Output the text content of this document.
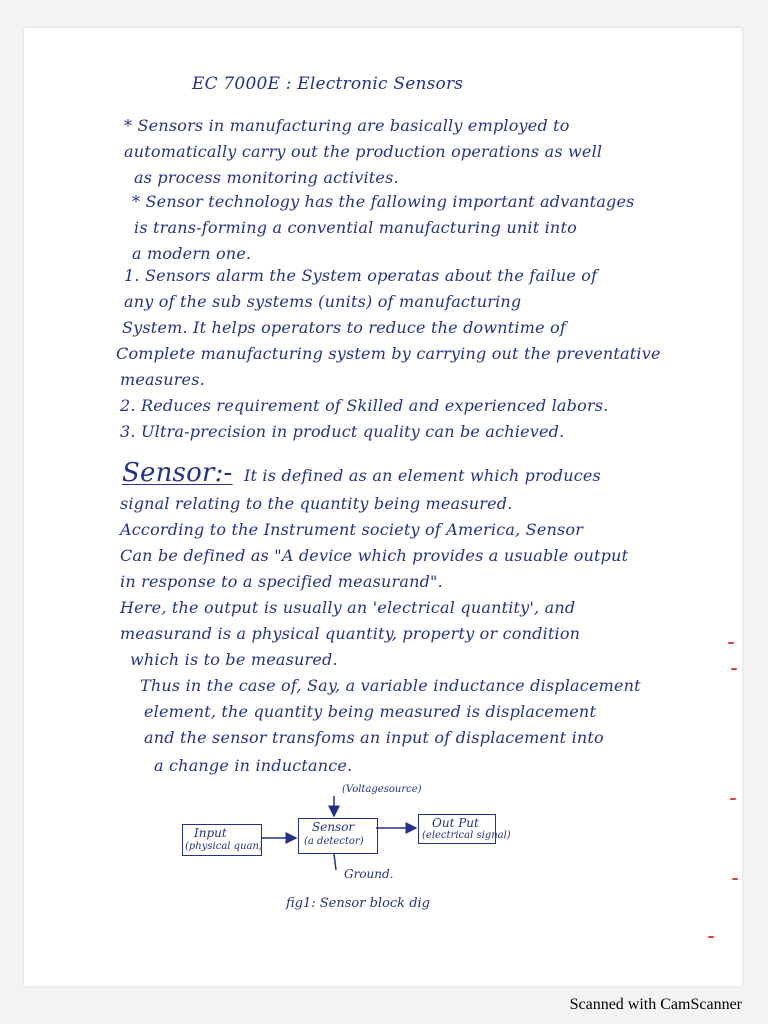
EC 7000E : Electronic Sensors
* Sensors in manufacturing are basically employed to
automatically carry out the production operations as well
as process monitoring activites.
* Sensor technology has the fallowing important advantages
is trans-forming a convential manufacturing unit into
a modern one.
1. Sensors alarm the System operatas about the failue of
any of the sub systems (units) of manufacturing
System. It helps operators to reduce the downtime of
Complete manufacturing system by carrying out the preventative
measures.
2. Reduces requirement of Skilled and experienced labors.
3. Ultra-precision in product quality can be achieved.
Sensor:- It is defined as an element which produces
signal relating to the quantity being measured.
According to the Instrument society of America, Sensor
Can be defined as "A device which provides a usuable output
in response to a specified measurand".
Here, the output is usually an 'electrical quantity', and
measurand is a physical quantity, property or condition
which is to be measured.
Thus in the case of, Say, a variable inductance displacement
element, the quantity being measured is displacement
and the sensor transfoms an input of displacement into
a change in inductance.
(Voltagesource)
Input
(physical quan)
Sensor
(a detector)
Out Put
(electrical signal)
Ground.
fig1: Sensor block dig
Scanned with CamScanner
